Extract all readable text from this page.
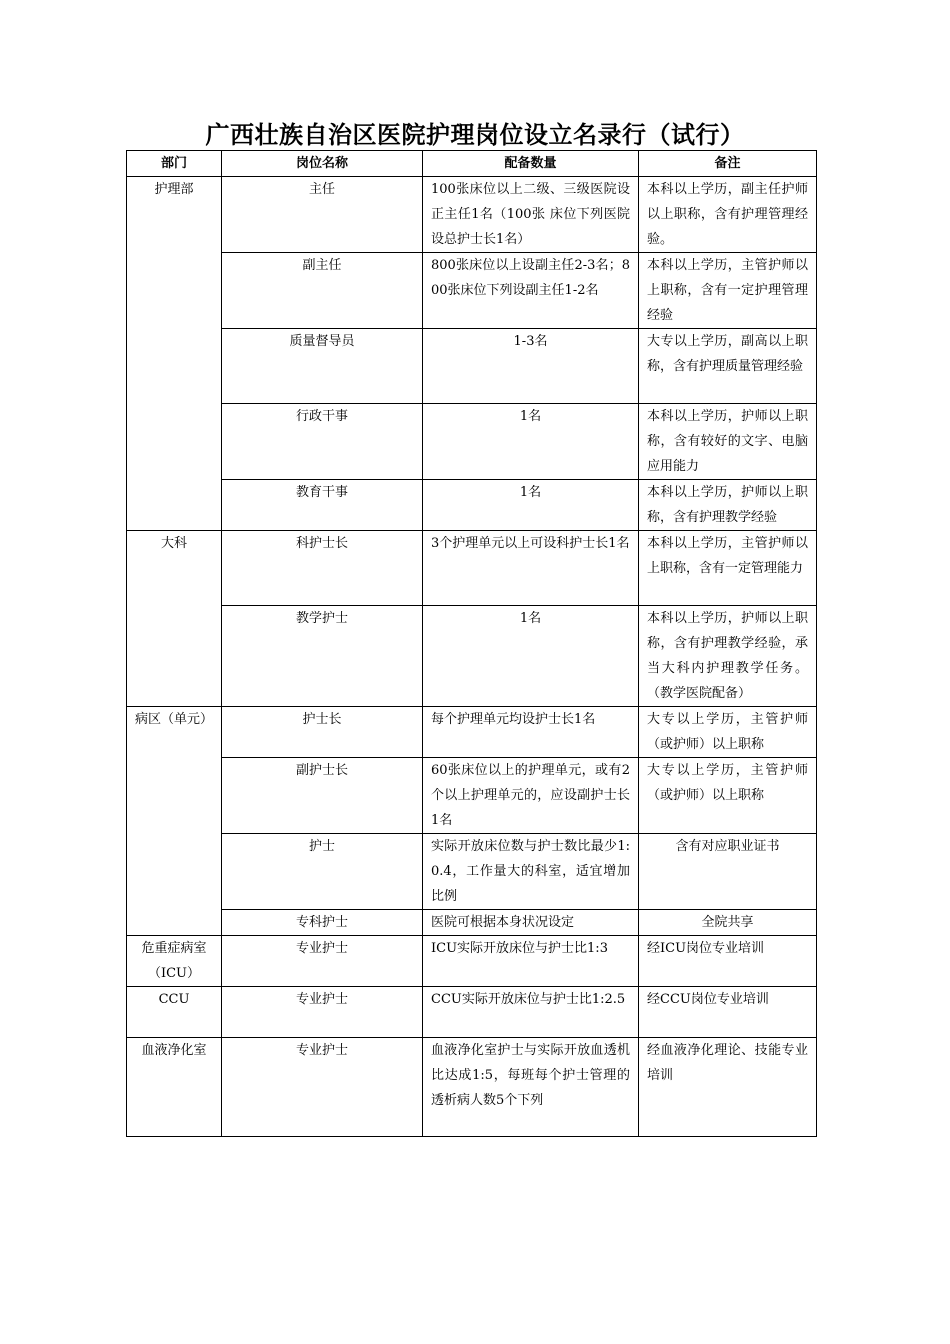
广西壮族自治区医院护理岗位设立名录行（试行）
部门	岗位名称	配备数量	备注
护理部	主任	100张床位以上二级、三级医院设正主任1名（100张 床位下列医院设总护士长1名）	本科以上学历，副主任护师以上职称，含有护理管理经验。
	副主任	800张床位以上设副主任2-3名；800张床位下列设副主任1-2名	本科以上学历，主管护师以上职称，含有一定护理管理经验
	质量督导员	1-3名	大专以上学历，副高以上职称，含有护理质量管理经验
	行政干事	1名	本科以上学历，护师以上职称，含有较好的文字、电脑应用能力
	教育干事	1名	本科以上学历，护师以上职称，含有护理教学经验
大科	科护士长	3个护理单元以上可设科护士长1名	本科以上学历，主管护师以上职称，含有一定管理能力
	教学护士	1名	本科以上学历，护师以上职称，含有护理教学经验，承当大科内护理教学任务。（教学医院配备）
病区（单元）	护士长	每个护理单元均设护士长1名	大专以上学历，主管护师（或护师）以上职称
	副护士长	60张床位以上的护理单元，或有2个以上护理单元的，应设副护士长1名	大专以上学历，主管护师（或护师）以上职称
	护士	实际开放床位数与护士数比最少1:0.4，工作量大的科室，适宜增加比例	含有对应职业证书
	专科护士	医院可根据本身状况设定	全院共享
危重症病室（ICU）	专业护士	ICU实际开放床位与护士比1:3	经ICU岗位专业培训
CCU	专业护士	CCU实际开放床位与护士比1:2.5	经CCU岗位专业培训
血液净化室	专业护士	血液净化室护士与实际开放血透机比达成1:5，每班每个护士管理的透析病人数5个下列	经血液净化理论、技能专业培训
